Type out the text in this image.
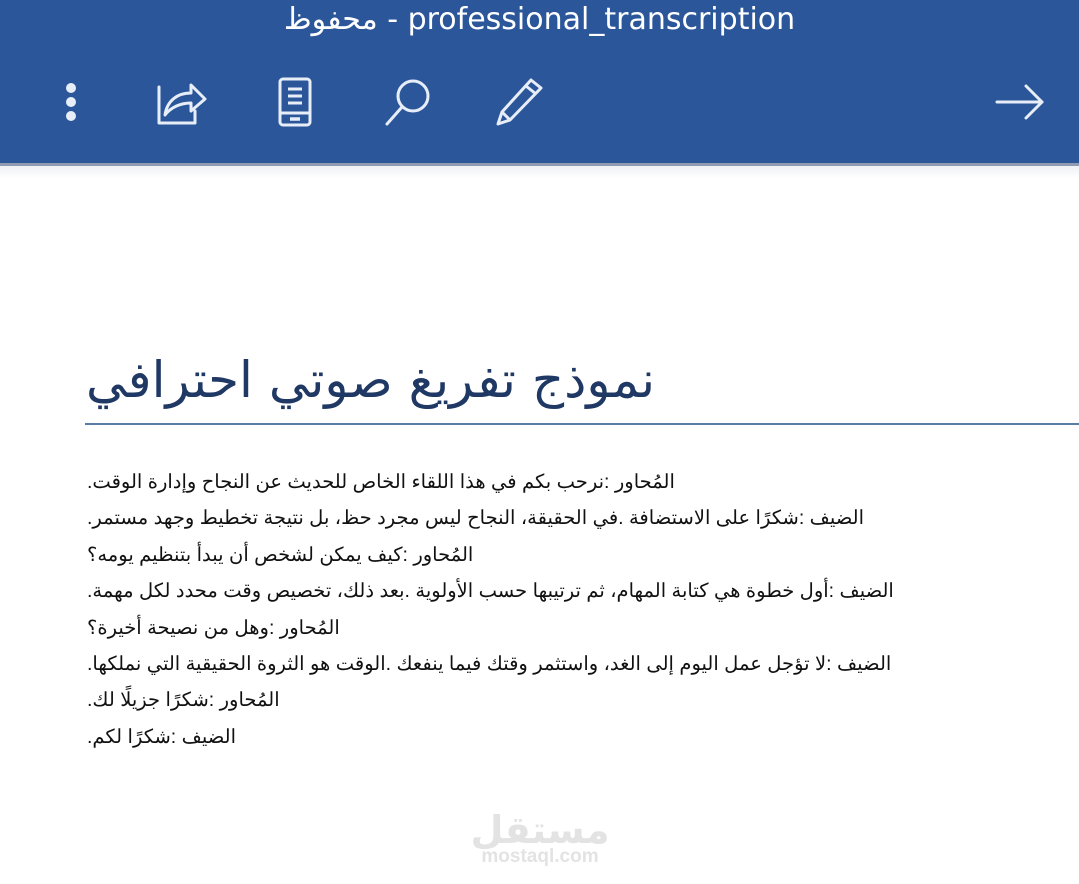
محفوظ - professional_transcription
نموذج تفريغ صوتي احترافي
المُحاور :نرحب بكم في هذا اللقاء الخاص للحديث عن النجاح وإدارة الوقت.
الضيف :شكرًا على الاستضافة .في الحقيقة، النجاح ليس مجرد حظ، بل نتيجة تخطيط وجهد مستمر.
المُحاور :كيف يمكن لشخص أن يبدأ بتنظيم يومه؟
الضيف :أول خطوة هي كتابة المهام، ثم ترتيبها حسب الأولوية .بعد ذلك، تخصيص وقت محدد لكل مهمة.
المُحاور :وهل من نصيحة أخيرة؟
الضيف :لا تؤجل عمل اليوم إلى الغد، واستثمر وقتك فيما ينفعك .الوقت هو الثروة الحقيقية التي نملكها.
المُحاور :شكرًا جزيلًا لك.
الضيف :شكرًا لكم.
مستقل
mostaql.com
